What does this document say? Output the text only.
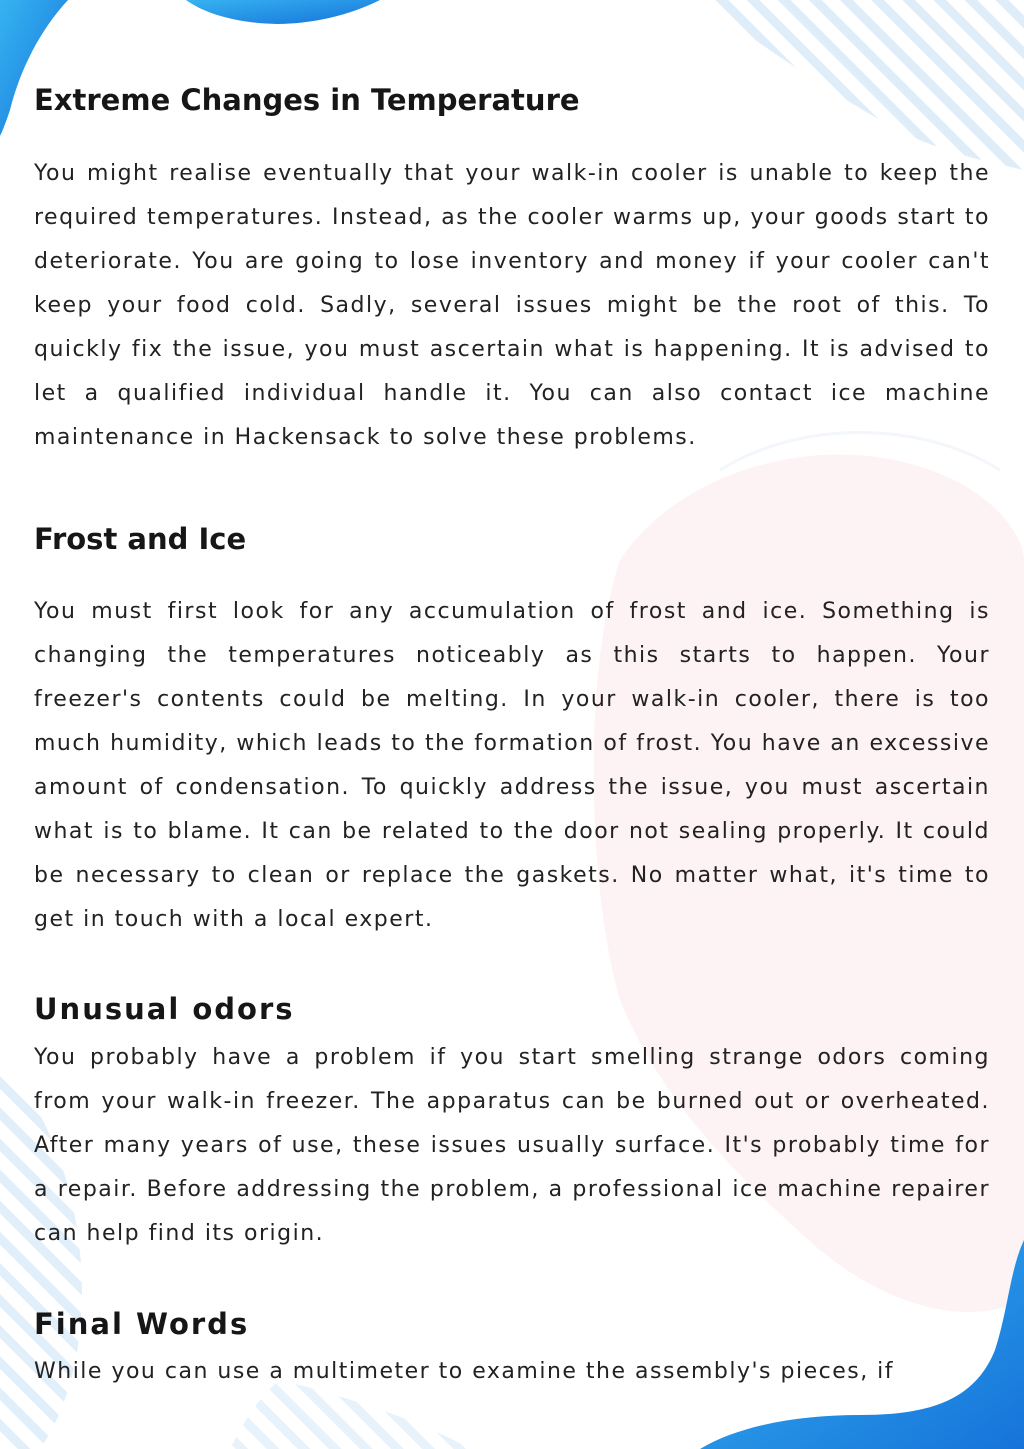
Extreme Changes in Temperature

You might realise eventually that your walk-in cooler is unable to keep the required temperatures. Instead, as the cooler warms up, your goods start to deteriorate. You are going to lose inventory and money if your cooler can't keep your food cold. Sadly, several issues might be the root of this. To quickly fix the issue, you must ascertain what is happening. It is advised to let a qualified individual handle it. You can also contact ice machine maintenance in Hackensack to solve these problems.

Frost and Ice

You must first look for any accumulation of frost and ice. Something is changing the temperatures noticeably as this starts to happen. Your freezer's contents could be melting. In your walk-in cooler, there is too much humidity, which leads to the formation of frost. You have an excessive amount of condensation. To quickly address the issue, you must ascertain what is to blame. It can be related to the door not sealing properly. It could be necessary to clean or replace the gaskets. No matter what, it's time to get in touch with a local expert.

Unusual odors

You probably have a problem if you start smelling strange odors coming from your walk-in freezer. The apparatus can be burned out or overheated. After many years of use, these issues usually surface. It's probably time for a repair. Before addressing the problem, a professional ice machine repairer can help find its origin.

Final Words

While you can use a multimeter to examine the assembly's pieces, if
